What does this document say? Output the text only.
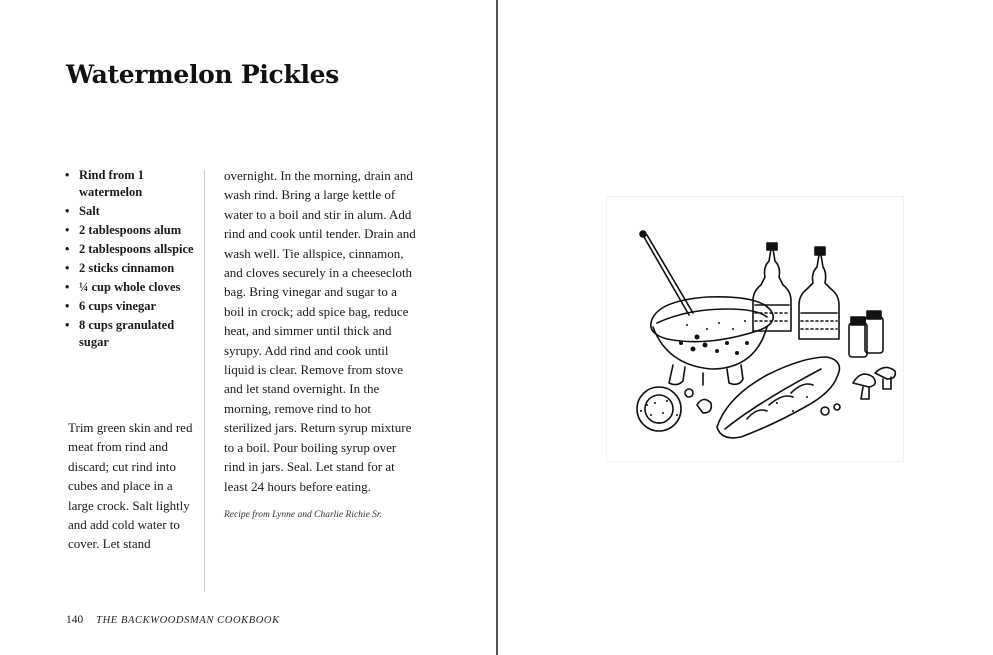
Watermelon Pickles
• Rind from 1 watermelon
• Salt
• 2 tablespoons alum
• 2 tablespoons allspice
• 2 sticks cinnamon
• ¼ cup whole cloves
• 6 cups vinegar
• 8 cups granulated sugar

Trim green skin and red meat from rind and discard; cut rind into cubes and place in a large crock. Salt lightly and add cold water to cover. Let stand

overnight. In the morning, drain and wash rind. Bring a large kettle of water to a boil and stir in alum. Add rind and cook until tender. Drain and wash well. Tie allspice, cinnamon, and cloves securely in a cheesecloth bag. Bring vinegar and sugar to a boil in crock; add spice bag, reduce heat, and simmer until thick and syrupy. Add rind and cook until liquid is clear. Remove from stove and let stand overnight. In the morning, remove rind to hot sterilized jars. Return syrup mixture to a boil. Pour boiling syrup over rind in jars. Seal. Let stand for at least 24 hours before eating.

Recipe from Lynne and Charlie Richie Sr.

140 THE BACKWOODSMAN COOKBOOK
